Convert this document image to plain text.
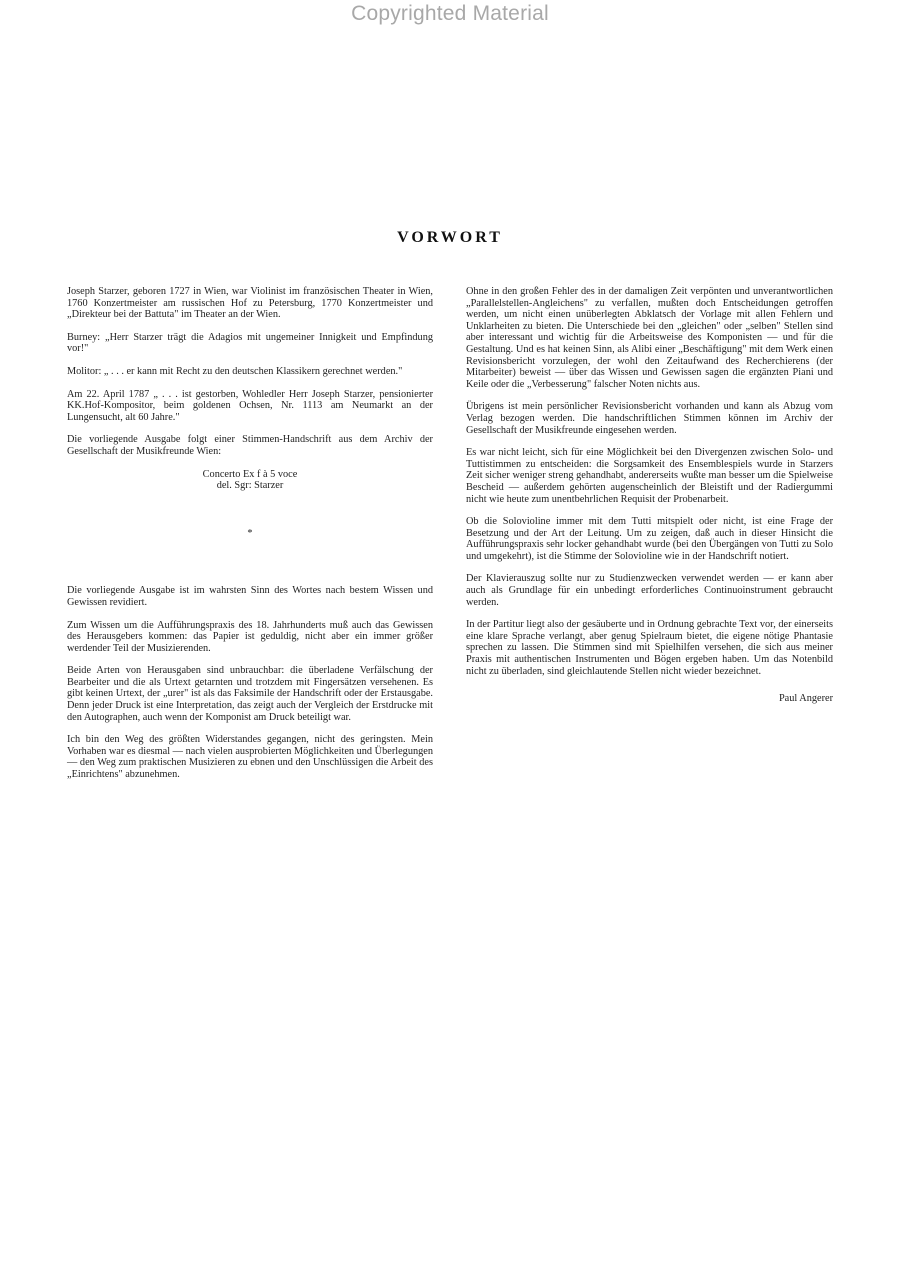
Copyrighted Material
VORWORT

Joseph Starzer, geboren 1727 in Wien, war Violinist im französischen Theater in Wien, 1760 Konzertmeister am russischen Hof zu Petersburg, 1770 Konzertmeister und „Direkteur bei der Battuta" im Theater an der Wien.

Burney: „Herr Starzer trägt die Adagios mit ungemeiner Innigkeit und Empfindung vor!"

Molitor: „ . . . er kann mit Recht zu den deutschen Klassikern gerechnet werden."

Am 22. April 1787 „ . . . ist gestorben, Wohledler Herr Joseph Starzer, pensionierter KK.Hof-Kompositor, beim goldenen Ochsen, Nr. 1113 am Neumarkt an der Lungensucht, alt 60 Jahre."

Die vorliegende Ausgabe folgt einer Stimmen-Handschrift aus dem Archiv der Gesellschaft der Musikfreunde Wien:

Concerto Ex f à 5 voce
del. Sgr: Starzer
*

Die vorliegende Ausgabe ist im wahrsten Sinn des Wortes nach bestem Wissen und Gewissen revidiert.

Zum Wissen um die Aufführungspraxis des 18. Jahrhunderts muß auch das Gewissen des Herausgebers kommen: das Papier ist geduldig, nicht aber ein immer größer werdender Teil der Musizierenden.

Beide Arten von Herausgaben sind unbrauchbar: die überladene Verfälschung der Bearbeiter und die als Urtext getarnten und trotzdem mit Fingersätzen versehenen. Es gibt keinen Urtext, der „urer" ist als das Faksimile der Handschrift oder der Erstausgabe. Denn jeder Druck ist eine Interpretation, das zeigt auch der Vergleich der Erstdrucke mit den Autographen, auch wenn der Komponist am Druck beteiligt war.

Ich bin den Weg des größten Widerstandes gegangen, nicht des geringsten. Mein Vorhaben war es diesmal — nach vielen ausprobierten Möglichkeiten und Überlegungen — den Weg zum praktischen Musizieren zu ebnen und den Unschlüssigen die Arbeit des „Einrichtens" abzunehmen.

Ohne in den großen Fehler des in der damaligen Zeit verpönten und unverantwortlichen „Parallelstellen-Angleichens" zu verfallen, mußten doch Entscheidungen getroffen werden, um nicht einen unüberlegten Abklatsch der Vorlage mit allen Fehlern und Unklarheiten zu bieten. Die Unterschiede bei den „gleichen" oder „selben" Stellen sind aber interessant und wichtig für die Arbeitsweise des Komponisten — und für die Gestaltung. Und es hat keinen Sinn, als Alibi einer „Beschäftigung" mit dem Werk einen Revisionsbericht vorzulegen, der wohl den Zeitaufwand des Recherchierens (der Mitarbeiter) beweist — über das Wissen und Gewissen sagen die ergänzten Piani und Keile oder die „Verbesserung" falscher Noten nichts aus.

Übrigens ist mein persönlicher Revisionsbericht vorhanden und kann als Abzug vom Verlag bezogen werden. Die handschriftlichen Stimmen können im Archiv der Gesellschaft der Musikfreunde eingesehen werden.

Es war nicht leicht, sich für eine Möglichkeit bei den Divergenzen zwischen Solo- und Tuttistimmen zu entscheiden: die Sorgsamkeit des Ensemblespiels wurde in Starzers Zeit sicher weniger streng gehandhabt, andererseits wußte man besser um die Spielweise Bescheid — außerdem gehörten augenscheinlich der Bleistift und der Radiergummi nicht wie heute zum unentbehrlichen Requisit der Probenarbeit.

Ob die Solovioline immer mit dem Tutti mitspielt oder nicht, ist eine Frage der Besetzung und der Art der Leitung. Um zu zeigen, daß auch in dieser Hinsicht die Aufführungspraxis sehr locker gehandhabt wurde (bei den Übergängen von Tutti zu Solo und umgekehrt), ist die Stimme der Solovioline wie in der Handschrift notiert.

Der Klavierauszug sollte nur zu Studienzwecken verwendet werden — er kann aber auch als Grundlage für ein unbedingt erforderliches Continuoinstrument gebraucht werden.

In der Partitur liegt also der gesäuberte und in Ordnung gebrachte Text vor, der einerseits eine klare Sprache verlangt, aber genug Spielraum bietet, die eigene nötige Phantasie sprechen zu lassen. Die Stimmen sind mit Spielhilfen versehen, die sich aus meiner Praxis mit authentischen Instrumenten und Bögen ergeben haben. Um das Notenbild nicht zu überladen, sind gleichlautende Stellen nicht wieder bezeichnet.

Paul Angerer
